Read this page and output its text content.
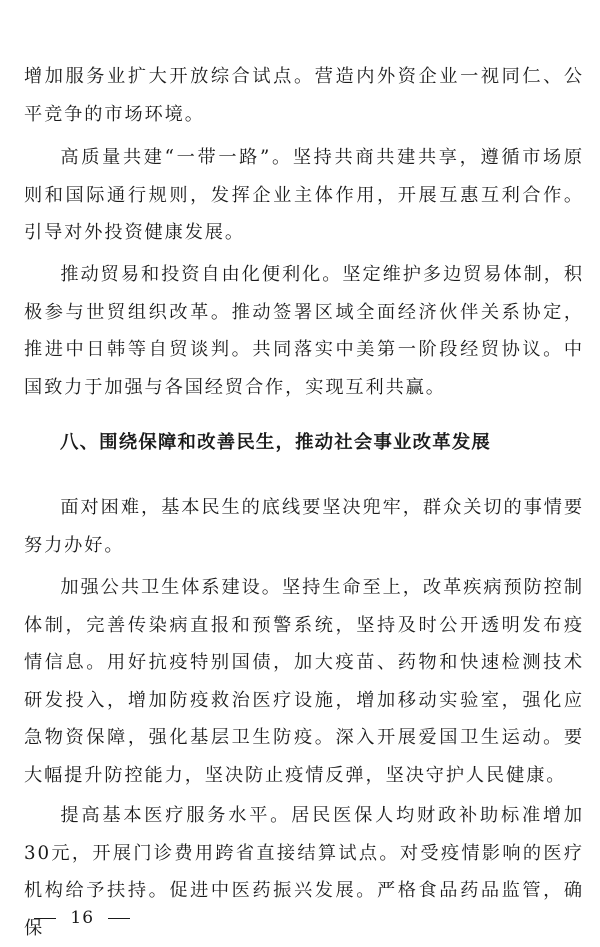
增加服务业扩大开放综合试点。营造内外资企业一视同仁、公平竞争的市场环境。

高质量共建“一带一路”。坚持共商共建共享，遵循市场原则和国际通行规则，发挥企业主体作用，开展互惠互利合作。引导对外投资健康发展。

推动贸易和投资自由化便利化。坚定维护多边贸易体制，积极参与世贸组织改革。推动签署区域全面经济伙伴关系协定，推进中日韩等自贸谈判。共同落实中美第一阶段经贸协议。中国致力于加强与各国经贸合作，实现互利共赢。

八、围绕保障和改善民生，推动社会事业改革发展

面对困难，基本民生的底线要坚决兜牢，群众关切的事情要努力办好。

加强公共卫生体系建设。坚持生命至上，改革疾病预防控制体制，完善传染病直报和预警系统，坚持及时公开透明发布疫情信息。用好抗疫特别国债，加大疫苗、药物和快速检测技术研发投入，增加防疫救治医疗设施，增加移动实验室，强化应急物资保障，强化基层卫生防疫。深入开展爱国卫生运动。要大幅提升防控能力，坚决防止疫情反弹，坚决守护人民健康。

提高基本医疗服务水平。居民医保人均财政补助标准增加30元，开展门诊费用跨省直接结算试点。对受疫情影响的医疗机构给予扶持。促进中医药振兴发展。严格食品药品监管，确保	16
